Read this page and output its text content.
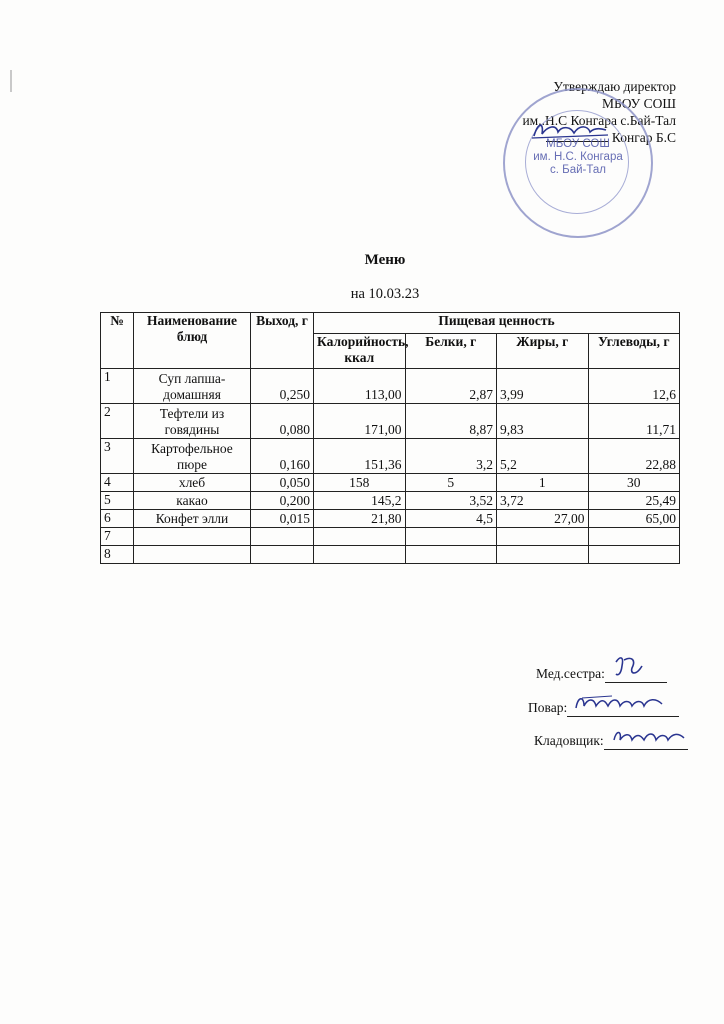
Утверждаю директор
МБОУ СОШ
им..Н.С Конгара с.Бай-Тал
Конгар Б.С
МБОУ СОШ
им. Н.С. Конгара
с. Бай-Тал
Меню
на 10.03.23
№	Наименование блюд	Выход, г	Пищевая ценность			
			Калорийность, ккал	Белки, г	Жиры, г	Углеводы, г
1	Суп лапша-домашняя	0,250	113,00	2,87	3,99	12,6
2	Тефтели из говядины	0,080	171,00	8,87	9,83	11,71
3	Картофельное пюре	0,160	151,36	3,2	5,2	22,88
4	хлеб	0,050	158	5	1	30
5	какао	0,200	145,2	3,52	3,72	25,49
6	Конфет элли	0,015	21,80	4,5	27,00	65,00
7						
8						
Мед.сестра:
Повар:
Кладовщик:
